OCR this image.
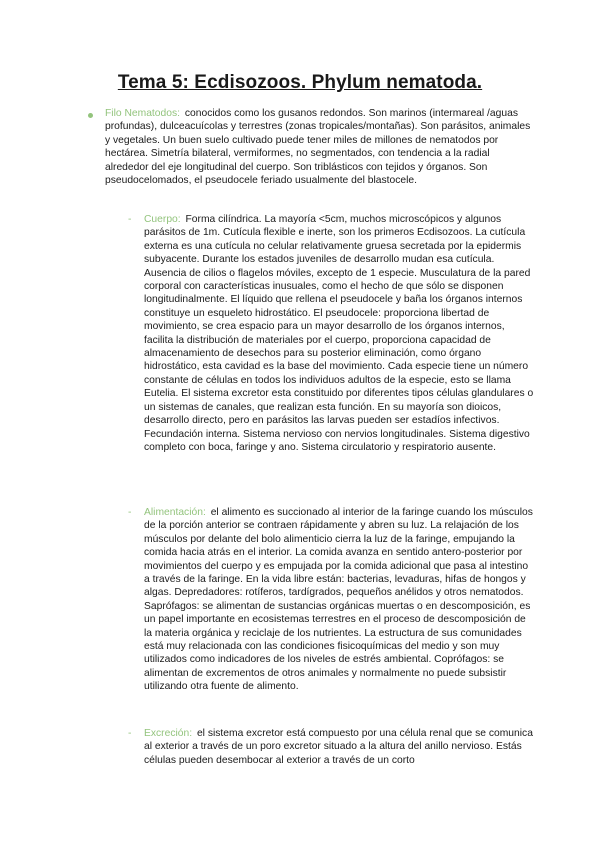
Tema 5: Ecdisozoos. Phylum nematoda.
Filo Nematodos: conocidos como los gusanos redondos. Son marinos (intermareal /aguas profundas), dulceacuícolas y terrestres (zonas tropicales/montañas). Son parásitos, animales y vegetales. Un buen suelo cultivado puede tener miles de millones de nematodos por hectárea. Simetría bilateral, vermiformes, no segmentados, con tendencia a la radial alrededor del eje longitudinal del cuerpo. Son triblásticos con tejidos y órganos. Son pseudocelomados, el pseudocele feriado usualmente del blastocele.
-	Cuerpo: Forma cilíndrica. La mayoría <5cm, muchos microscópicos y algunos parásitos de 1m. Cutícula flexible e inerte, son los primeros Ecdisozoos. La cutícula externa es una cutícula no celular relativamente gruesa secretada por la epidermis subyacente. Durante los estados juveniles de desarrollo mudan esa cutícula. Ausencia de cilios o flagelos móviles, excepto de 1 especie. Musculatura de la pared corporal con características inusuales, como el hecho de que sólo se disponen longitudinalmente. El líquido que rellena el pseudocele y baña los órganos internos constituye un esqueleto hidrostático. El pseudocele: proporciona libertad de movimiento, se crea espacio para un mayor desarrollo de los órganos internos, facilita la distribución de materiales por el cuerpo, proporciona capacidad de almacenamiento de desechos para su posterior eliminación, como órgano hidrostático, esta cavidad es la base del movimiento. Cada especie tiene un número constante de células en todos los individuos adultos de la especie, esto se llama Eutelia. El sistema excretor esta constituido por diferentes tipos células glandulares o un sistemas de canales, que realizan esta función. En su mayoría son dioicos, desarrollo directo, pero en parásitos las larvas pueden ser estadíos infectivos. Fecundación interna. Sistema nervioso con nervios longitudinales. Sistema digestivo completo con boca, faringe y ano. Sistema circulatorio y respiratorio ausente.
-	Alimentación: el alimento es succionado al interior de la faringe cuando los músculos de la porción anterior se contraen rápidamente y abren su luz. La relajación de los músculos por delante del bolo alimenticio cierra la luz de la faringe, empujando la comida hacia atrás en el interior. La comida avanza en sentido antero-posterior por movimientos del cuerpo y es empujada por la comida adicional que pasa al intestino a través de la faringe. En la vida libre están: bacterias, levaduras, hifas de hongos y algas. Depredadores: rotíferos, tardígrados, pequeños anélidos y otros nematodos. Saprófagos: se alimentan de sustancias orgánicas muertas o en descomposición, es un papel importante en ecosistemas terrestres en el proceso de descomposición de la materia orgánica y reciclaje de los nutrientes. La estructura de sus comunidades está muy relacionada con las condiciones fisicoquímicas del medio y son muy utilizados como indicadores de los niveles de estrés ambiental. Coprófagos: se alimentan de excrementos de otros animales y normalmente no puede subsistir utilizando otra fuente de alimento.
-	Excreción: el sistema excretor está compuesto por una célula renal que se comunica al exterior a través de un poro excretor situado a la altura del anillo nervioso. Estás células pueden desembocar al exterior a través de un corto
